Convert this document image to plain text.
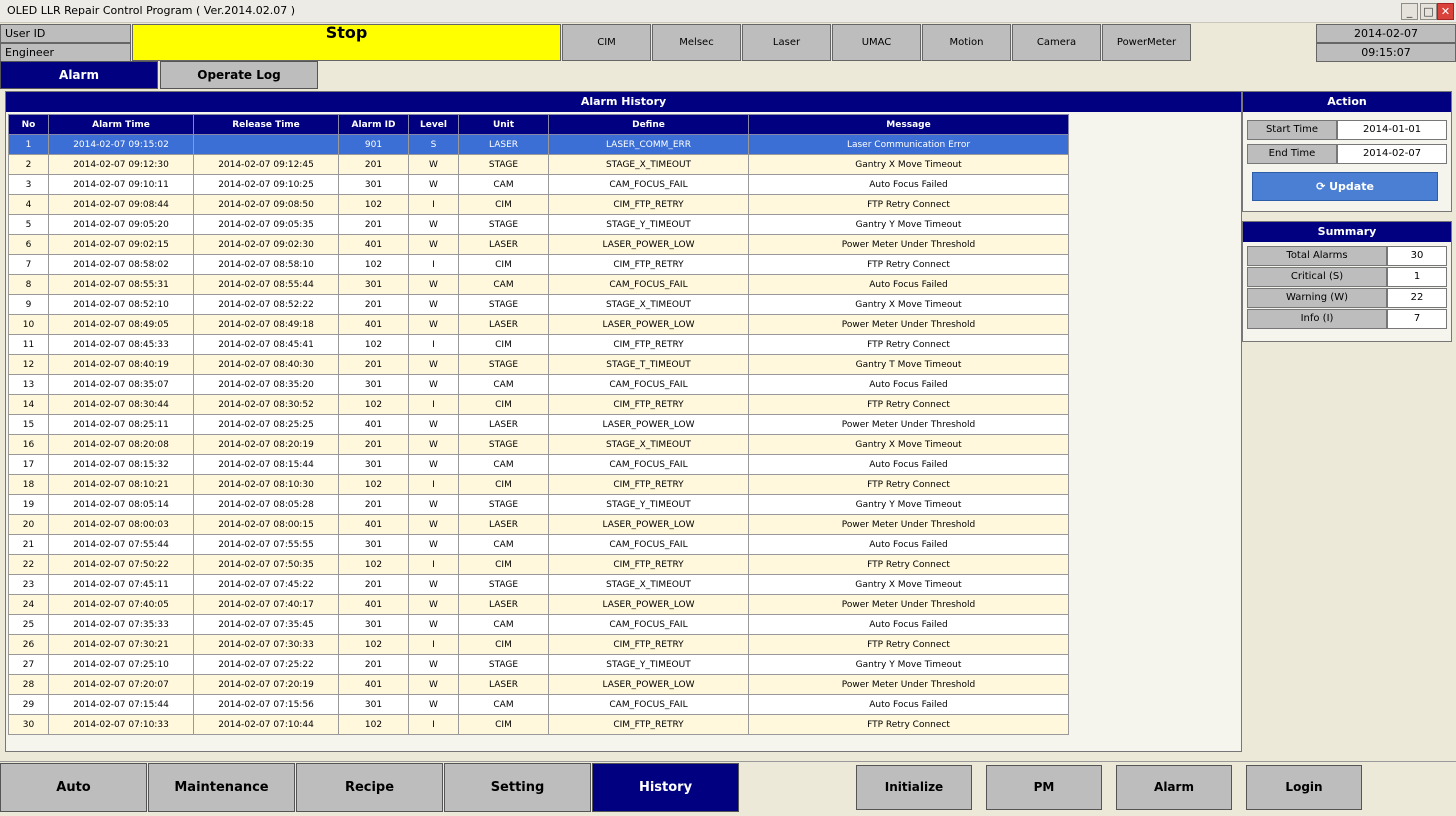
OLED LLR Repair Control Program ( Ver.2014.02.07 )	_	□ ✕
User ID
Engineer
Stop
CIM	Melsec	Laser	UMAC	Motion	Camera	PowerMeter
2014-02-07
09:15:07
Alarm	Operate Log
Alarm History
No	Alarm Time	Release Time	Alarm ID	Level	Unit	Define	Message
1	2014-02-07 09:15:02		901	S	LASER	LASER_COMM_ERR	Laser Communication Error
2	2014-02-07 09:12:30	2014-02-07 09:12:45	201	W	STAGE	STAGE_X_TIMEOUT	Gantry X Move Timeout
3	2014-02-07 09:10:11	2014-02-07 09:10:25	301	W	CAM	CAM_FOCUS_FAIL	Auto Focus Failed
4	2014-02-07 09:08:44	2014-02-07 09:08:50	102	I	CIM	CIM_FTP_RETRY	FTP Retry Connect
5	2014-02-07 09:05:20	2014-02-07 09:05:35	201	W	STAGE	STAGE_Y_TIMEOUT	Gantry Y Move Timeout
6	2014-02-07 09:02:15	2014-02-07 09:02:30	401	W	LASER	LASER_POWER_LOW	Power Meter Under Threshold
7	2014-02-07 08:58:02	2014-02-07 08:58:10	102	I	CIM	CIM_FTP_RETRY	FTP Retry Connect
8	2014-02-07 08:55:31	2014-02-07 08:55:44	301	W	CAM	CAM_FOCUS_FAIL	Auto Focus Failed
9	2014-02-07 08:52:10	2014-02-07 08:52:22	201	W	STAGE	STAGE_X_TIMEOUT	Gantry X Move Timeout
10	2014-02-07 08:49:05	2014-02-07 08:49:18	401	W	LASER	LASER_POWER_LOW	Power Meter Under Threshold
11	2014-02-07 08:45:33	2014-02-07 08:45:41	102	I	CIM	CIM_FTP_RETRY	FTP Retry Connect
12	2014-02-07 08:40:19	2014-02-07 08:40:30	201	W	STAGE	STAGE_T_TIMEOUT	Gantry T Move Timeout
13	2014-02-07 08:35:07	2014-02-07 08:35:20	301	W	CAM	CAM_FOCUS_FAIL	Auto Focus Failed
14	2014-02-07 08:30:44	2014-02-07 08:30:52	102	I	CIM	CIM_FTP_RETRY	FTP Retry Connect
15	2014-02-07 08:25:11	2014-02-07 08:25:25	401	W	LASER	LASER_POWER_LOW	Power Meter Under Threshold
16	2014-02-07 08:20:08	2014-02-07 08:20:19	201	W	STAGE	STAGE_X_TIMEOUT	Gantry X Move Timeout
17	2014-02-07 08:15:32	2014-02-07 08:15:44	301	W	CAM	CAM_FOCUS_FAIL	Auto Focus Failed
18	2014-02-07 08:10:21	2014-02-07 08:10:30	102	I	CIM	CIM_FTP_RETRY	FTP Retry Connect
19	2014-02-07 08:05:14	2014-02-07 08:05:28	201	W	STAGE	STAGE_Y_TIMEOUT	Gantry Y Move Timeout
20	2014-02-07 08:00:03	2014-02-07 08:00:15	401	W	LASER	LASER_POWER_LOW	Power Meter Under Threshold
21	2014-02-07 07:55:44	2014-02-07 07:55:55	301	W	CAM	CAM_FOCUS_FAIL	Auto Focus Failed
22	2014-02-07 07:50:22	2014-02-07 07:50:35	102	I	CIM	CIM_FTP_RETRY	FTP Retry Connect
23	2014-02-07 07:45:11	2014-02-07 07:45:22	201	W	STAGE	STAGE_X_TIMEOUT	Gantry X Move Timeout
24	2014-02-07 07:40:05	2014-02-07 07:40:17	401	W	LASER	LASER_POWER_LOW	Power Meter Under Threshold
25	2014-02-07 07:35:33	2014-02-07 07:35:45	301	W	CAM	CAM_FOCUS_FAIL	Auto Focus Failed
26	2014-02-07 07:30:21	2014-02-07 07:30:33	102	I	CIM	CIM_FTP_RETRY	FTP Retry Connect
27	2014-02-07 07:25:10	2014-02-07 07:25:22	201	W	STAGE	STAGE_Y_TIMEOUT	Gantry Y Move Timeout
28	2014-02-07 07:20:07	2014-02-07 07:20:19	401	W	LASER	LASER_POWER_LOW	Power Meter Under Threshold
29	2014-02-07 07:15:44	2014-02-07 07:15:56	301	W	CAM	CAM_FOCUS_FAIL	Auto Focus Failed
30	2014-02-07 07:10:33	2014-02-07 07:10:44	102	I	CIM	CIM_FTP_RETRY	FTP Retry Connect
Action
Start Time	2014-01-01
End Time	2014-02-07
⟳ Update
Summary
Total Alarms	30
Critical (S)	1
Warning (W)	22
Info (I)	7
Auto	Maintenance	Recipe	Setting	History	Initialize	PM	Alarm	Login
